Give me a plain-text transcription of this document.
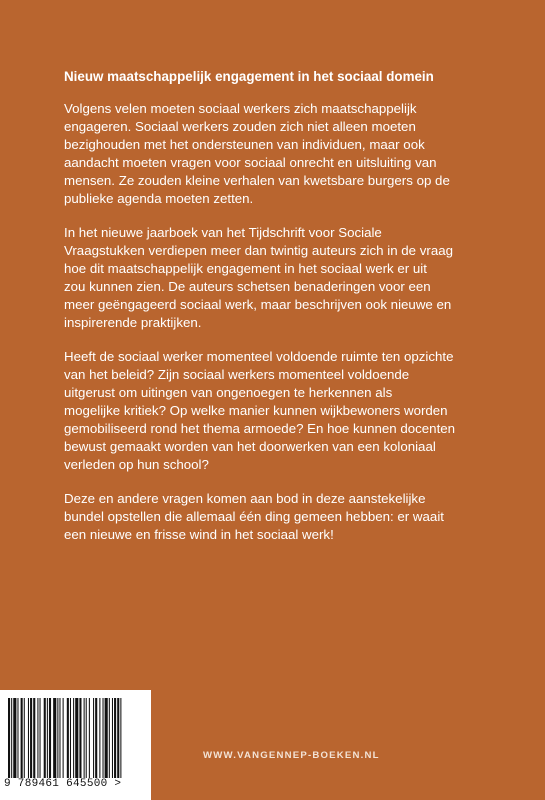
Nieuw maatschappelijk engagement in het sociaal domein

Volgens velen moeten sociaal werkers zich maatschappelijk
engageren. Sociaal werkers zouden zich niet alleen moeten
bezighouden met het ondersteunen van individuen, maar ook
aandacht moeten vragen voor sociaal onrecht en uitsluiting van
mensen. Ze zouden kleine verhalen van kwetsbare burgers op de
publieke agenda moeten zetten.

In het nieuwe jaarboek van het Tijdschrift voor Sociale
Vraagstukken verdiepen meer dan twintig auteurs zich in de vraag
hoe dit maatschappelijk engagement in het sociaal werk er uit
zou kunnen zien. De auteurs schetsen benaderingen voor een
meer geëngageerd sociaal werk, maar beschrijven ook nieuwe en
inspirerende praktijken.

Heeft de sociaal werker momenteel voldoende ruimte ten opzichte
van het beleid? Zijn sociaal werkers momenteel voldoende
uitgerust om uitingen van ongenoegen te herkennen als
mogelijke kritiek? Op welke manier kunnen wijkbewoners worden
gemobiliseerd rond het thema armoede? En hoe kunnen docenten
bewust gemaakt worden van het doorwerken van een koloniaal
verleden op hun school?

Deze en andere vragen komen aan bod in deze aanstekelijke
bundel opstellen die allemaal één ding gemeen hebben: er waait
een nieuwe en frisse wind in het sociaal werk!

9 789461 645500 >
WWW.VANGENNEP-BOEKEN.NL
